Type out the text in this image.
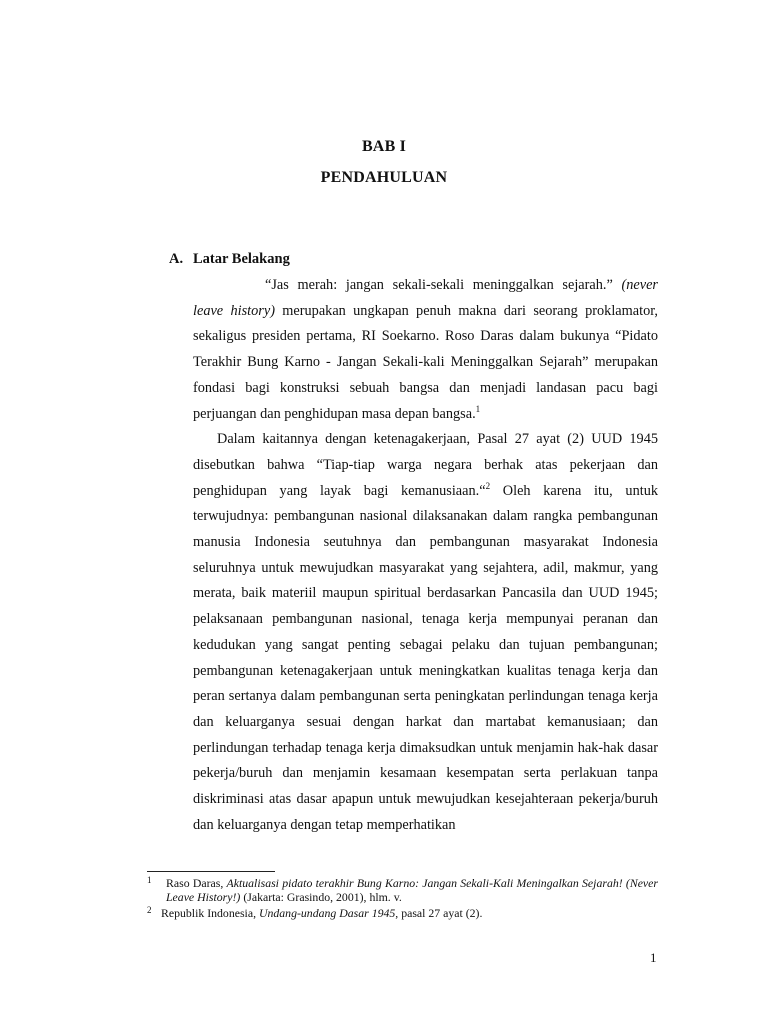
BAB I
PENDAHULUAN
A. Latar Belakang

“Jas merah: jangan sekali-sekali meninggalkan sejarah.” (never leave history) merupakan ungkapan penuh makna dari seorang proklamator, sekaligus presiden pertama, RI Soekarno. Roso Daras dalam bukunya “Pidato Terakhir Bung Karno - Jangan Sekali-kali Meninggalkan Sejarah” merupakan fondasi bagi konstruksi sebuah bangsa dan menjadi landasan pacu bagi perjuangan dan penghidupan masa depan bangsa.$^1$

Dalam kaitannya dengan ketenagakerjaan, Pasal 27 ayat (2) UUD 1945 disebutkan bahwa “Tiap-tiap warga negara berhak atas pekerjaan dan penghidupan yang layak bagi kemanusiaan.“$^2$ Oleh karena itu, untuk terwujudnya: pembangunan nasional dilaksanakan dalam rangka pembangunan manusia Indonesia seutuhnya dan pembangunan masyarakat Indonesia seluruhnya untuk mewujudkan masyarakat yang sejahtera, adil, makmur, yang merata, baik materiil maupun spiritual berdasarkan Pancasila dan UUD 1945; pelaksanaan pembangunan nasional, tenaga kerja mempunyai peranan dan kedudukan yang sangat penting sebagai pelaku dan tujuan pembangunan; pembangunan ketenagakerjaan untuk meningkatkan kualitas tenaga kerja dan peran sertanya dalam pembangunan serta peningkatan perlindungan tenaga kerja dan keluarganya sesuai dengan harkat dan martabat kemanusiaan; dan perlindungan terhadap tenaga kerja dimaksudkan untuk menjamin hak-hak dasar pekerja/buruh dan menjamin kesamaan kesempatan serta perlakuan tanpa diskriminasi atas dasar apapun untuk mewujudkan kesejahteraan pekerja/buruh dan keluarganya dengan tetap memperhatikan

1 Raso Daras, Aktualisasi pidato terakhir Bung Karno: Jangan Sekali-Kali Meningalkan Sejarah! (Never Leave History!) (Jakarta: Grasindo, 2001), hlm. v.

2 Republik Indonesia, Undang-undang Dasar 1945, pasal 27 ayat (2).

1
